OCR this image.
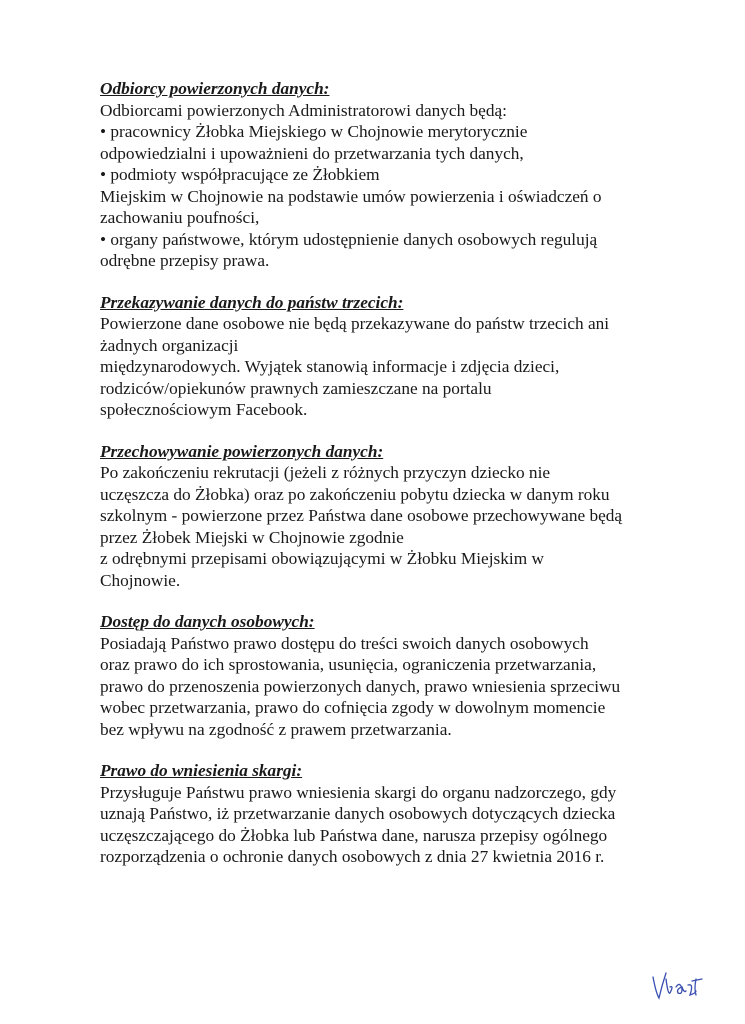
Odbiorcy powierzonych danych:
Odbiorcami powierzonych Administratorowi danych będą:
• pracownicy Żłobka Miejskiego w Chojnowie merytorycznie
odpowiedzialni i upoważnieni do przetwarzania tych danych,
• podmioty współpracujące ze Żłobkiem
Miejskim w Chojnowie na podstawie umów powierzenia i oświadczeń o
zachowaniu poufności,
• organy państwowe, którym udostępnienie danych osobowych regulują
odrębne przepisy prawa.
Przekazywanie danych do państw trzecich:
Powierzone dane osobowe nie będą przekazywane do państw trzecich ani
żadnych organizacji
międzynarodowych. Wyjątek stanowią informacje i zdjęcia dzieci,
rodziców/opiekunów prawnych zamieszczane na portalu
społecznościowym Facebook.
Przechowywanie powierzonych danych:
Po zakończeniu rekrutacji (jeżeli z różnych przyczyn dziecko nie
uczęszcza do Żłobka) oraz po zakończeniu pobytu dziecka w danym roku
szkolnym - powierzone przez Państwa dane osobowe przechowywane będą
przez Żłobek Miejski w Chojnowie zgodnie
z odrębnymi przepisami obowiązującymi w Żłobku Miejskim w
Chojnowie.
Dostęp do danych osobowych:
Posiadają Państwo prawo dostępu do treści swoich danych osobowych
oraz prawo do ich sprostowania, usunięcia, ograniczenia przetwarzania,
prawo do przenoszenia powierzonych danych, prawo wniesienia sprzeciwu
wobec przetwarzania, prawo do cofnięcia zgody w dowolnym momencie
bez wpływu na zgodność z prawem przetwarzania.
Prawo do wniesienia skargi:
Przysługuje Państwu prawo wniesienia skargi do organu nadzorczego, gdy
uznają Państwo, iż przetwarzanie danych osobowych dotyczących dziecka
uczęszczającego do Żłobka lub Państwa dane, narusza przepisy ogólnego
rozporządzenia o ochronie danych osobowych z dnia 27 kwietnia 2016 r.
